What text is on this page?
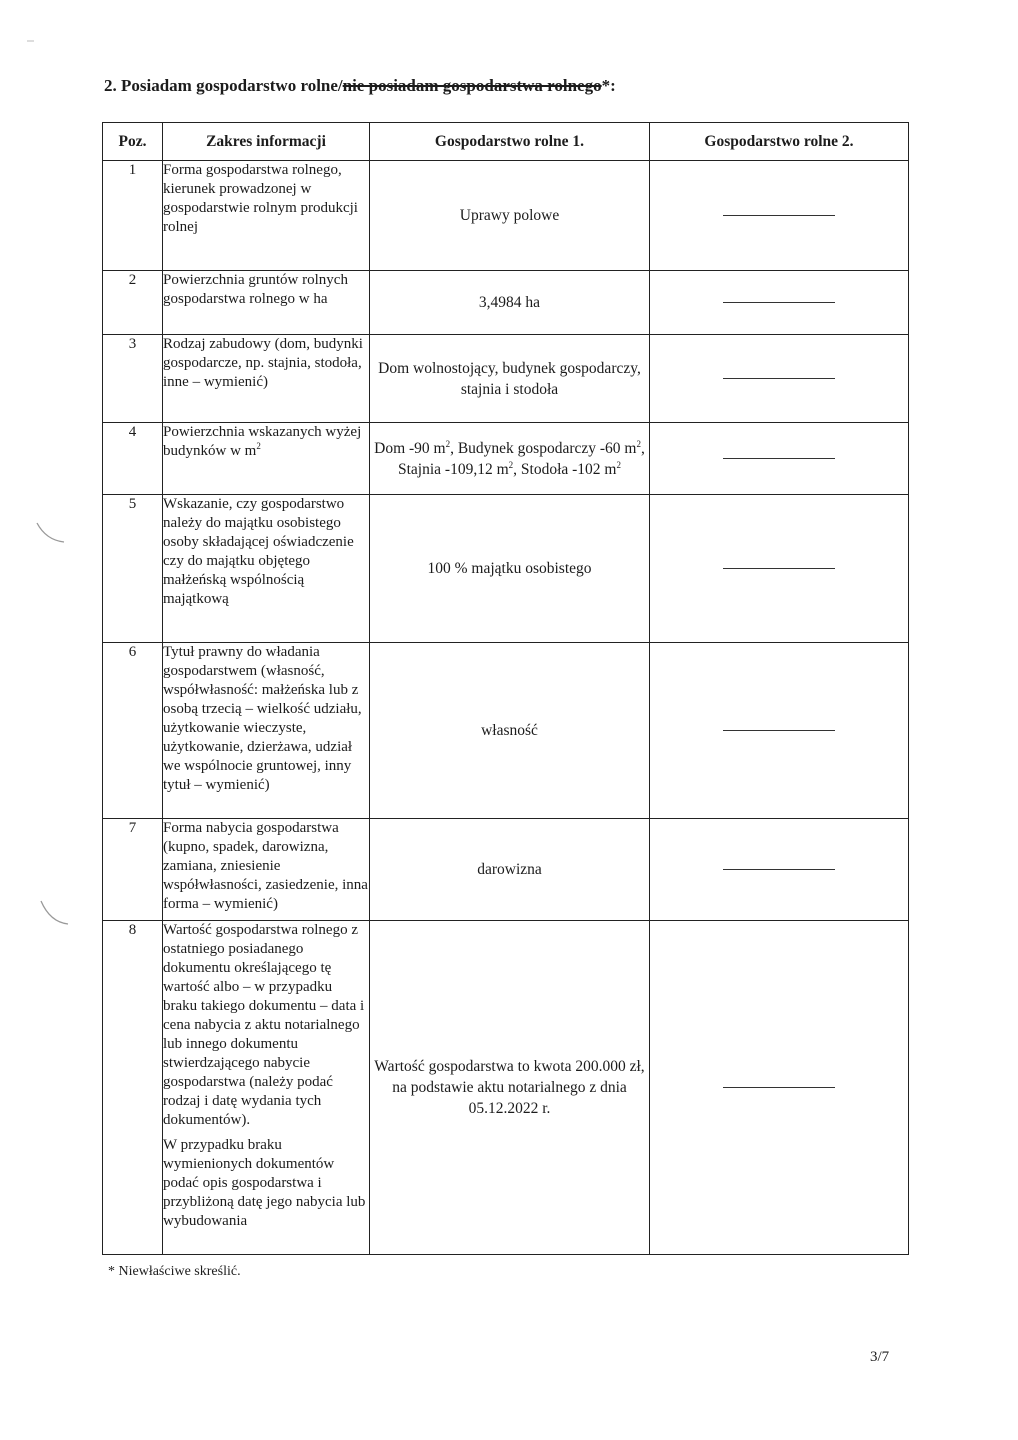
2. Posiadam gospodarstwo rolne/nie posiadam gospodarstwa rolnego*:
Poz.	Zakres informacji	Gospodarstwo rolne 1.	Gospodarstwo rolne 2.
1	Forma gospodarstwa rolnego, kierunek prowadzonej w gospodarstwie rolnym produkcji rolnej	Uprawy polowe	
2	Powierzchnia gruntów rolnych gospodarstwa rolnego w ha	3,4984 ha	
3	Rodzaj zabudowy (dom, budynki gospodarcze, np. stajnia, stodoła, inne – wymienić)	Dom wolnostojący, budynek gospodarczy, stajnia i stodoła	
4	Powierzchnia wskazanych wyżej budynków w $m^2$	Dom -90 $m^2$, Budynek gospodarczy -60 $m^2$, Stajnia -109,12 $m^2$, Stodoła -102 $m^2$	
5	Wskazanie, czy gospodarstwo należy do majątku osobistego osoby składającej oświadczenie czy do majątku objętego małżeńską wspólnością majątkową	100 % majątku osobistego	
6	Tytuł prawny do władania gospodarstwem (własność, współwłasność: małżeńska lub z osobą trzecią – wielkość udziału, użytkowanie wieczyste, użytkowanie, dzierżawa, udział we wspólnocie gruntowej, inny tytuł – wymienić)	własność	
7	Forma nabycia gospodarstwa (kupno, spadek, darowizna, zamiana, zniesienie współwłasności, zasiedzenie, inna forma – wymienić)	darowizna	
8	Wartość gospodarstwa rolnego z ostatniego posiadanego dokumentu określającego tę wartość albo – w przypadku braku takiego dokumentu – data i cena nabycia z aktu notarialnego lub innego dokumentu stwierdzającego nabycie gospodarstwa (należy podać rodzaj i datę wydania tych dokumentów).
W przypadku braku wymienionych dokumentów podać opis gospodarstwa i przybliżoną datę jego nabycia lub wybudowania	Wartość gospodarstwa to kwota 200.000 zł, na podstawie aktu notarialnego z dnia 05.12.2022 r.	
* Niewłaściwe skreślić.
3/7
